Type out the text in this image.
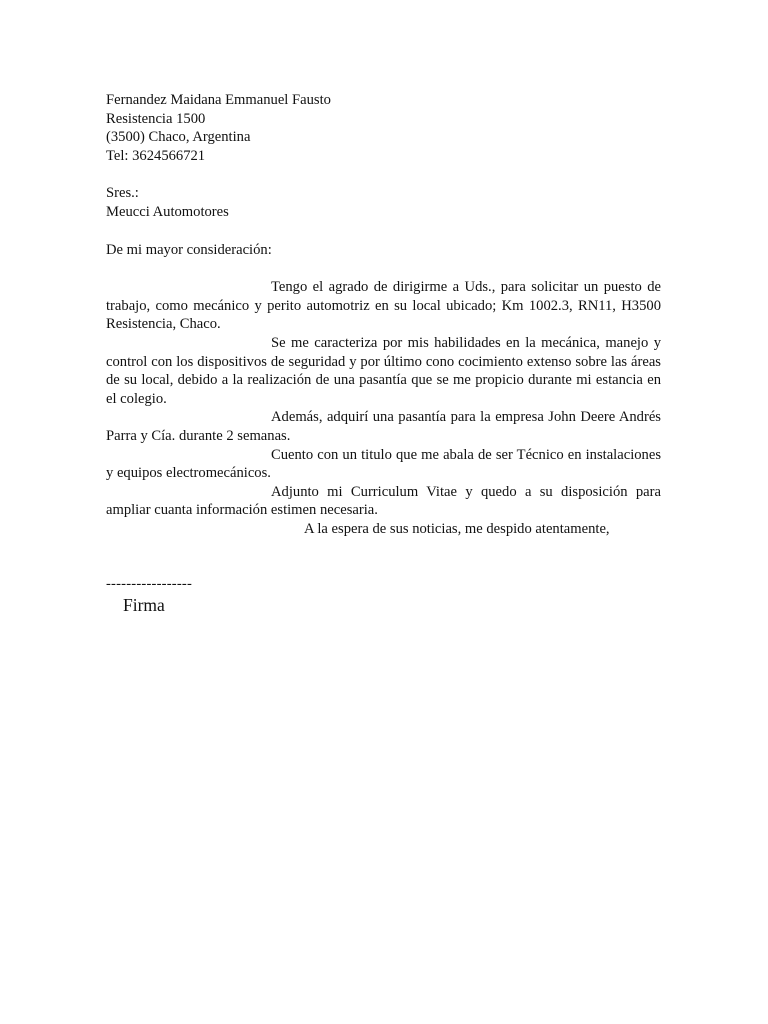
Fernandez Maidana Emmanuel Fausto
Resistencia 1500
(3500) Chaco, Argentina
Tel: 3624566721
Sres.:
Meucci Automotores
De mi mayor consideración:

Tengo el agrado de dirigirme a Uds., para solicitar un puesto de trabajo, como mecánico y perito automotriz en su local ubicado; Km 1002.3, RN11, H3500 Resistencia, Chaco.

Se me caracteriza por mis habilidades en la mecánica, manejo y control con los dispositivos de seguridad y por último cono cocimiento extenso sobre las áreas de su local, debido a la realización de una pasantía que se me propicio durante mi estancia en el colegio.

Además, adquirí una pasantía para la empresa John Deere Andrés Parra y Cía. durante 2 semanas.

Cuento con un titulo que me abala de ser Técnico en instalaciones y equipos electromecánicos.

Adjunto mi Curriculum Vitae y quedo a su disposición para ampliar cuanta información estimen necesaria.

A la espera de sus noticias, me despido atentamente,

-----------------
Firma
